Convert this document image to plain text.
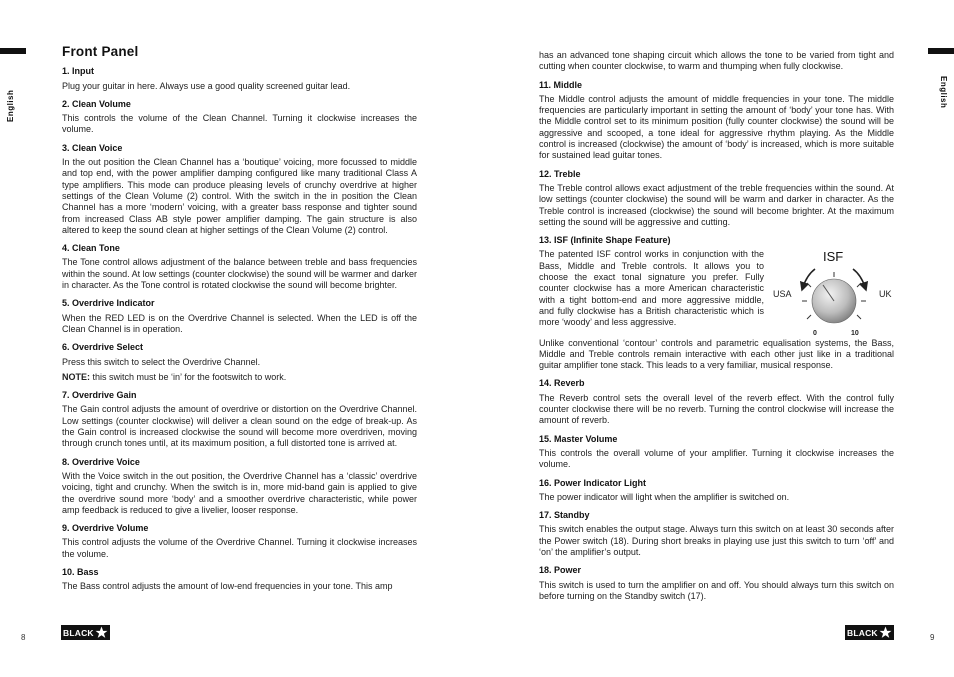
English	English
Front Panel
1. Input

Plug your guitar in here. Always use a good quality screened guitar lead.

2. Clean Volume

This controls the volume of the Clean Channel. Turning it clockwise increases the volume.

3. Clean Voice

In the out position the Clean Channel has a ‘boutique’ voicing, more focussed to middle and top end, with the power amplifier damping configured like many traditional Class A type amplifiers. This mode can produce pleasing levels of crunchy overdrive at higher settings of the Clean Volume (2) control. With the switch in the in position the Clean Channel has a more ‘modern’ voicing, with a greater bass response and tighter sound from increased Class AB style power amplifier damping. The gain structure is also altered to keep the sound clean at higher settings of the Clean Volume (2) control.

4. Clean Tone

The Tone control allows adjustment of the balance between treble and bass frequencies within the sound. At low settings (counter clockwise) the sound will be warmer and darker in character. As the Tone control is rotated clockwise the sound will become brighter.

5. Overdrive Indicator

When the RED LED is on the Overdrive Channel is selected. When the LED is off the Clean Channel is in operation.

6. Overdrive Select

Press this switch to select the Overdrive Channel.

NOTE: this switch must be ‘in’ for the footswitch to work.

7. Overdrive Gain

The Gain control adjusts the amount of overdrive or distortion on the Overdrive Channel. Low settings (counter clockwise) will deliver a clean sound on the edge of break-up. As the Gain control is increased clockwise the sound will become more overdriven, moving through crunch tones until, at its maximum position, a full distorted tone is arrived at.

8. Overdrive Voice

With the Voice switch in the out position, the Overdrive Channel has a ‘classic’ overdrive voicing, tight and crunchy. When the switch is in, more mid-band gain is applied to give the overdrive sound more ‘body’ and a smoother overdrive characteristic, while power amp feedback is reduced to give a livelier, looser response.

9. Overdrive Volume

This control adjusts the volume of the Overdrive Channel. Turning it clockwise increases the volume.

10. Bass

The Bass control adjusts the amount of low-end frequencies in your tone. This amp

has an advanced tone shaping circuit which allows the tone to be varied from tight and cutting when counter clockwise, to warm and thumping when fully clockwise.

11. Middle

The Middle control adjusts the amount of middle frequencies in your tone. The middle frequencies are particularly important in setting the amount of ‘body’ your tone has. With the Middle control set to its minimum position (fully counter clockwise) the sound will be aggressive and scooped, a tone ideal for aggressive rhythm playing. As the Middle control is increased (clockwise) the amount of ‘body’ is increased, which is more suitable for sustained lead guitar tones.

12. Treble

The Treble control allows exact adjustment of the treble frequencies within the sound. At low settings (counter clockwise) the sound will be warm and darker in character. As the Treble control is increased (clockwise) the sound will become brighter. At the maximum setting the sound will be aggressive and cutting.

13. ISF (Infinite Shape Feature)

The patented ISF control works in conjunction with the Bass, Middle and Treble controls. It allows you to choose the exact tonal signature you prefer. Fully counter clockwise has a more American characteristic with a tight bottom-end and more aggressive middle, and fully clockwise has a British characteristic which is more ‘woody’ and less aggressive.

ISF
USA	UK
0	10

Unlike conventional ‘contour’ controls and parametric equalisation systems, the Bass, Middle and Treble controls remain interactive with each other just like in a traditional guitar amplifier tone stack. This leads to a very familiar, musical response.

14. Reverb

The Reverb control sets the overall level of the reverb effect. With the control fully counter clockwise there will be no reverb. Turning the control clockwise will increase the amount of reverb.

15. Master Volume

This controls the overall volume of your amplifier. Turning it clockwise increases the volume.

16. Power Indicator Light

The power indicator will light when the amplifier is switched on.

17. Standby

This switch enables the output stage. Always turn this switch on at least 30 seconds after the Power switch (18). During short breaks in playing use just this switch to turn ‘off’ and ‘on’ the amplifier’s output.

18. Power

This switch is used to turn the amplifier on and off. You should always turn this switch on before turning on the Standby switch (17).

8	9
BLACK	BLACK
